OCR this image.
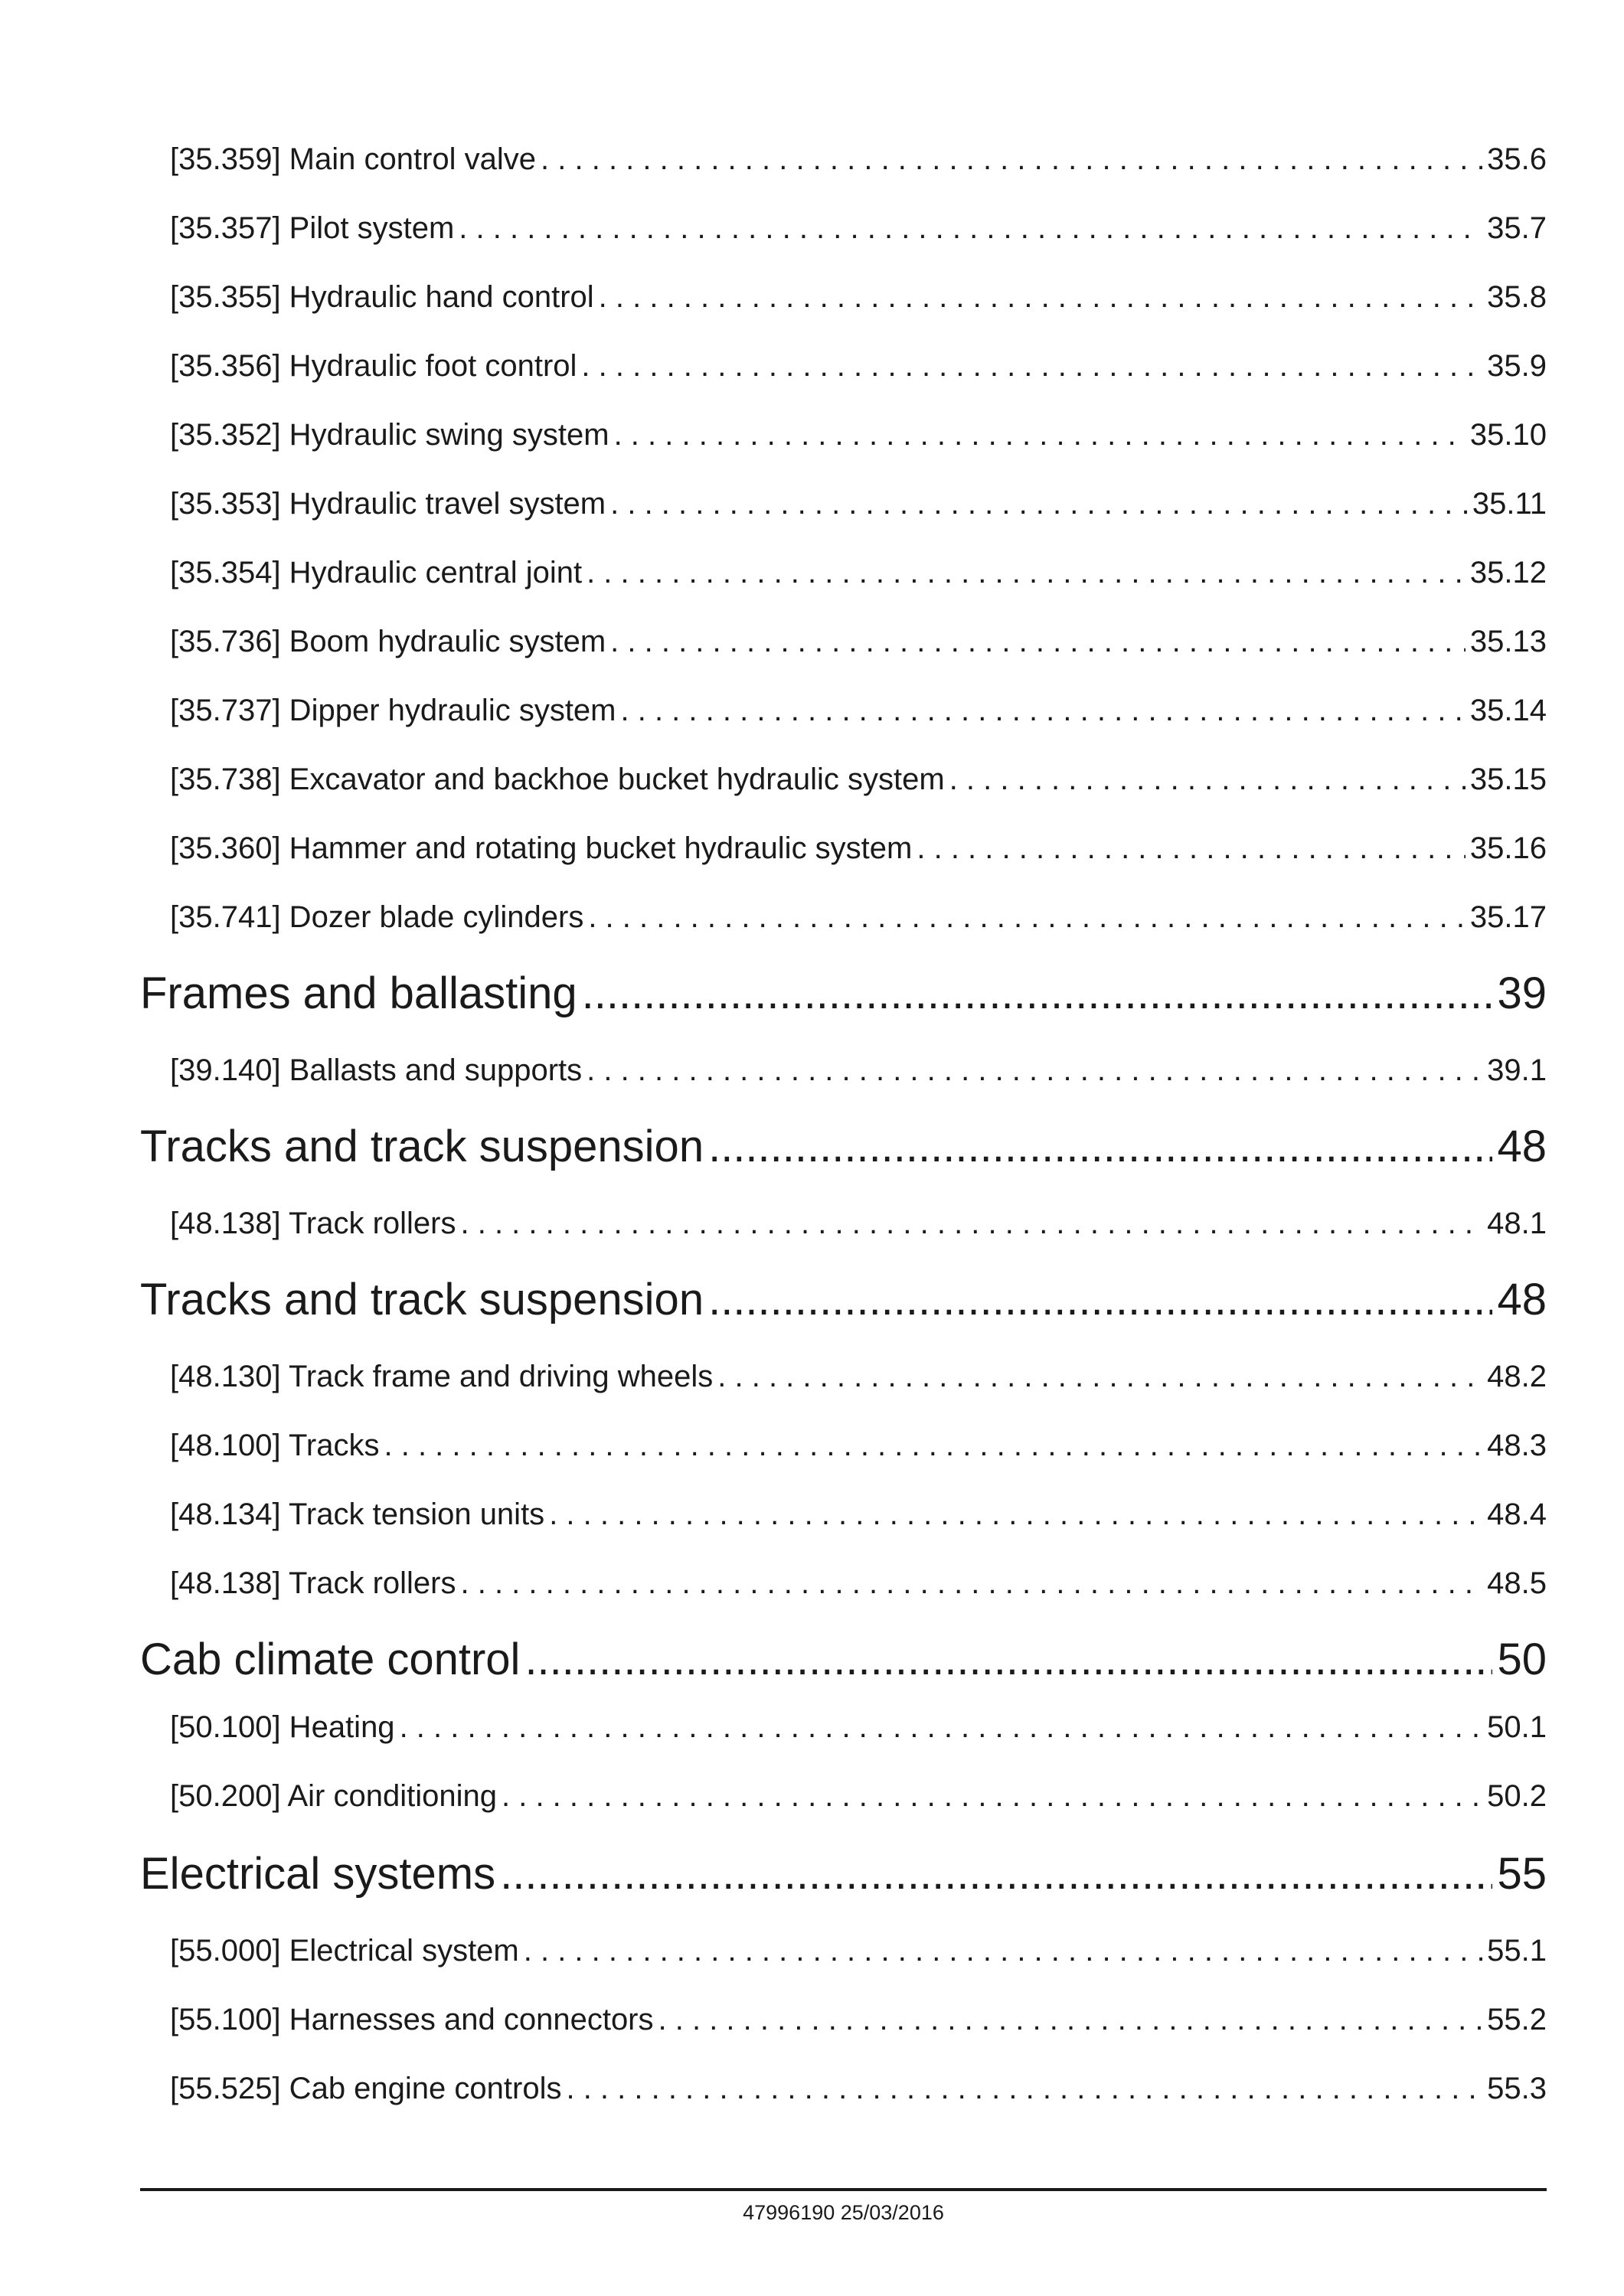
[35.359] Main control valve . . .	35.6
[35.357] Pilot system . . .	35.7
[35.355] Hydraulic hand control . . .	35.8
[35.356] Hydraulic foot control . . .	35.9
[35.352] Hydraulic swing system . . .	35.10
[35.353] Hydraulic travel system . . .	35.11
[35.354] Hydraulic central joint . . .	35.12
[35.736] Boom hydraulic system . . .	35.13
[35.737] Dipper hydraulic system . . .	35.14
[35.738] Excavator and backhoe bucket hydraulic system . . .	35.15
[35.360] Hammer and rotating bucket hydraulic system . . .	35.16
[35.741] Dozer blade cylinders . . .	35.17
Frames and ballasting .....	39
[39.140] Ballasts and supports . . .	39.1
Tracks and track suspension .....	48
[48.138] Track rollers . . .	48.1
Tracks and track suspension .....	48
[48.130] Track frame and driving wheels . . .	48.2
[48.100] Tracks . . .	48.3
[48.134] Track tension units . . .	48.4
[48.138] Track rollers . . .	48.5
Cab climate control .....	50
[50.100] Heating . . .	50.1
[50.200] Air conditioning . . .	50.2
Electrical systems .....	55
[55.000] Electrical system . . .	55.1
[55.100] Harnesses and connectors . . .	55.2
[55.525] Cab engine controls . . .	55.3
47996190 25/03/2016
